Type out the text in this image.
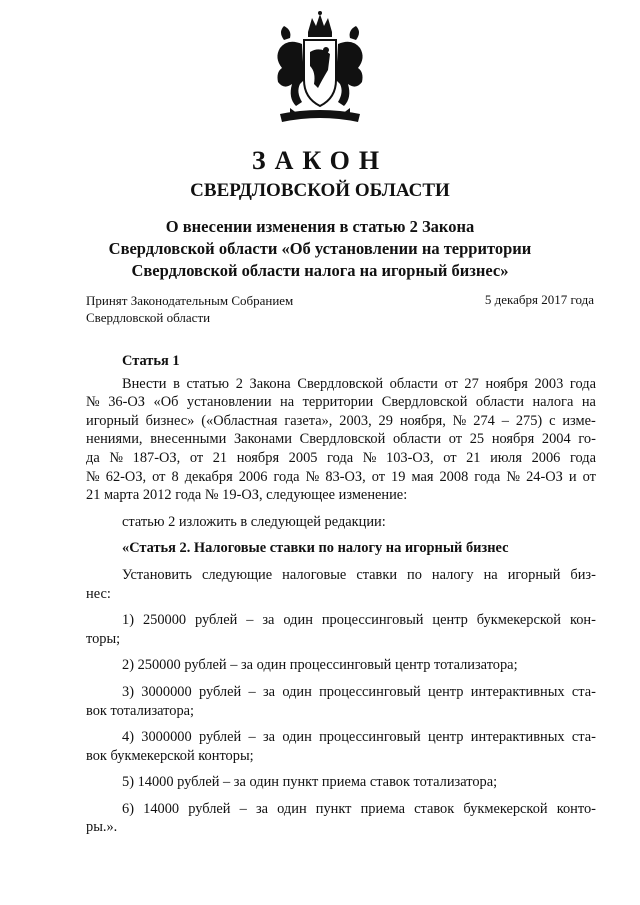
ЗАКОН
СВЕРДЛОВСКОЙ ОБЛАСТИ
О внесении изменения в статью 2 Закона
Свердловской области «Об установлении на территории
Свердловской области налога на игорный бизнес»
Принят Законодательным Собранием
Свердловской области
5 декабря 2017 года
Статья 1
Внести в статью 2 Закона Свердловской области от 27 ноября 2003 года
№ 36-ОЗ «Об установлении на территории Свердловской области налога на
игорный бизнес» («Областная газета», 2003, 29 ноября, № 274 – 275) с изме-
нениями, внесенными Законами Свердловской области от 25 ноября 2004 го-
да № 187-ОЗ, от 21 ноября 2005 года № 103-ОЗ, от 21 июля 2006 года
№ 62-ОЗ, от 8 декабря 2006 года № 83-ОЗ, от 19 мая 2008 года № 24-ОЗ и от
21 марта 2012 года № 19-ОЗ, следующее изменение:
статью 2 изложить в следующей редакции:
«Статья 2. Налоговые ставки по налогу на игорный бизнес
Установить следующие налоговые ставки по налогу на игорный биз-
нес:
1) 250000 рублей – за один процессинговый центр букмекерской кон-
торы;
2) 250000 рублей – за один процессинговый центр тотализатора;
3) 3000000 рублей – за один процессинговый центр интерактивных ста-
вок тотализатора;
4) 3000000 рублей – за один процессинговый центр интерактивных ста-
вок букмекерской конторы;
5) 14000 рублей – за один пункт приема ставок тотализатора;
6) 14000 рублей – за один пункт приема ставок букмекерской конто-
ры.».
